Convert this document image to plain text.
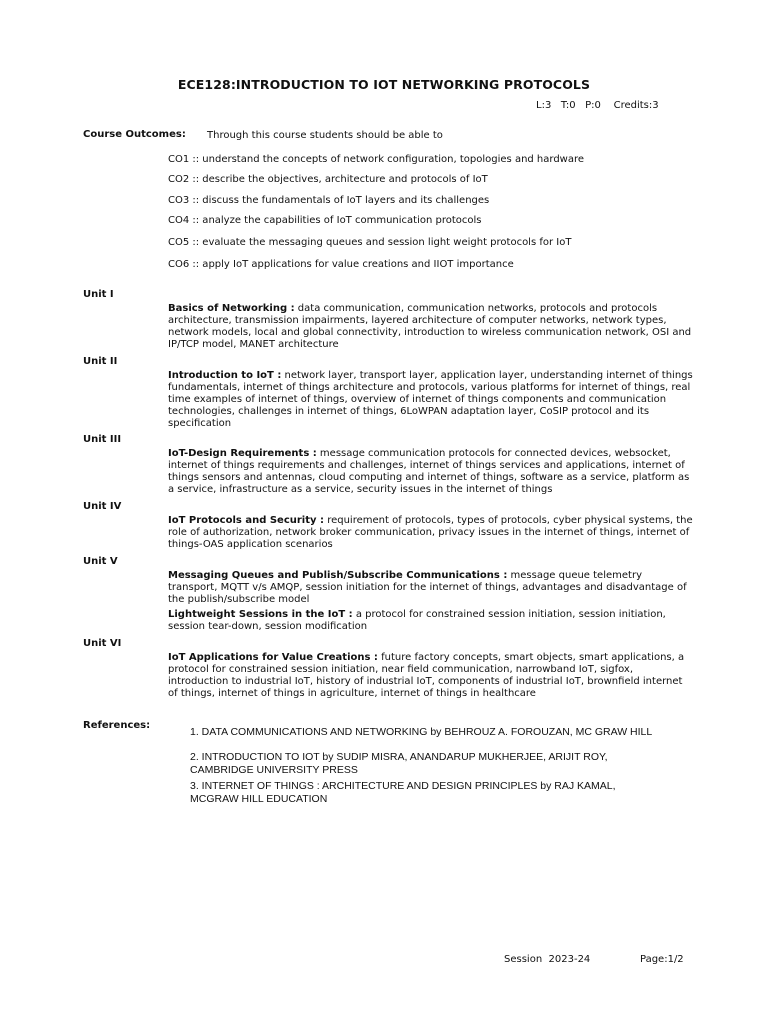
ECE128:INTRODUCTION TO IOT NETWORKING PROTOCOLS
L:3   T:0   P:0    Credits:3
Course Outcomes: Through this course students should be able to
CO1 :: understand the concepts of network configuration, topologies and hardware
CO2 :: describe the objectives, architecture and protocols of IoT
CO3 :: discuss the fundamentals of IoT layers and its challenges
CO4 :: analyze the capabilities of IoT communication protocols
CO5 :: evaluate the messaging queues and session light weight protocols for IoT
CO6 :: apply IoT applications for value creations and IIOT importance
Unit I
Basics of Networking : data communication, communication networks, protocols and protocols architecture, transmission impairments, layered architecture of computer networks, network types, network models, local and global connectivity, introduction to wireless communication network, OSI and IP/TCP model, MANET architecture
Unit II
Introduction to IoT : network layer, transport layer, application layer, understanding internet of things fundamentals, internet of things architecture and protocols, various platforms for internet of things, real time examples of internet of things, overview of internet of things components and communication technologies, challenges in internet of things, 6LoWPAN adaptation layer, CoSIP protocol and its specification
Unit III
IoT-Design Requirements : message communication protocols for connected devices, websocket, internet of things requirements and challenges, internet of things services and applications, internet of things sensors and antennas, cloud computing and internet of things, software as a service, platform as a service, infrastructure as a service, security issues in the internet of things
Unit IV
IoT Protocols and Security : requirement of protocols, types of protocols, cyber physical systems, the role of authorization, network broker communication, privacy issues in the internet of things, internet of things-OAS application scenarios
Unit V
Messaging Queues and Publish/Subscribe Communications : message queue telemetry transport, MQTT v/s AMQP, session initiation for the internet of things, advantages and disadvantage of the publish/subscribe model
Lightweight Sessions in the IoT : a protocol for constrained session initiation, session initiation, session tear-down, session modification
Unit VI
IoT Applications for Value Creations : future factory concepts, smart objects, smart applications, a protocol for constrained session initiation, near field communication, narrowband IoT, sigfox, introduction to industrial IoT, history of industrial IoT, components of industrial IoT, brownfield internet of things, internet of things in agriculture, internet of things in healthcare
References:
1. DATA COMMUNICATIONS AND NETWORKING by BEHROUZ A. FOROUZAN, MC GRAW HILL
2. INTRODUCTION TO IOT by SUDIP MISRA, ANANDARUP MUKHERJEE, ARIJIT ROY, CAMBRIDGE UNIVERSITY PRESS
3. INTERNET OF THINGS : ARCHITECTURE AND DESIGN PRINCIPLES by RAJ KAMAL, MCGRAW HILL EDUCATION
Session  2023-24	Page:1/2
